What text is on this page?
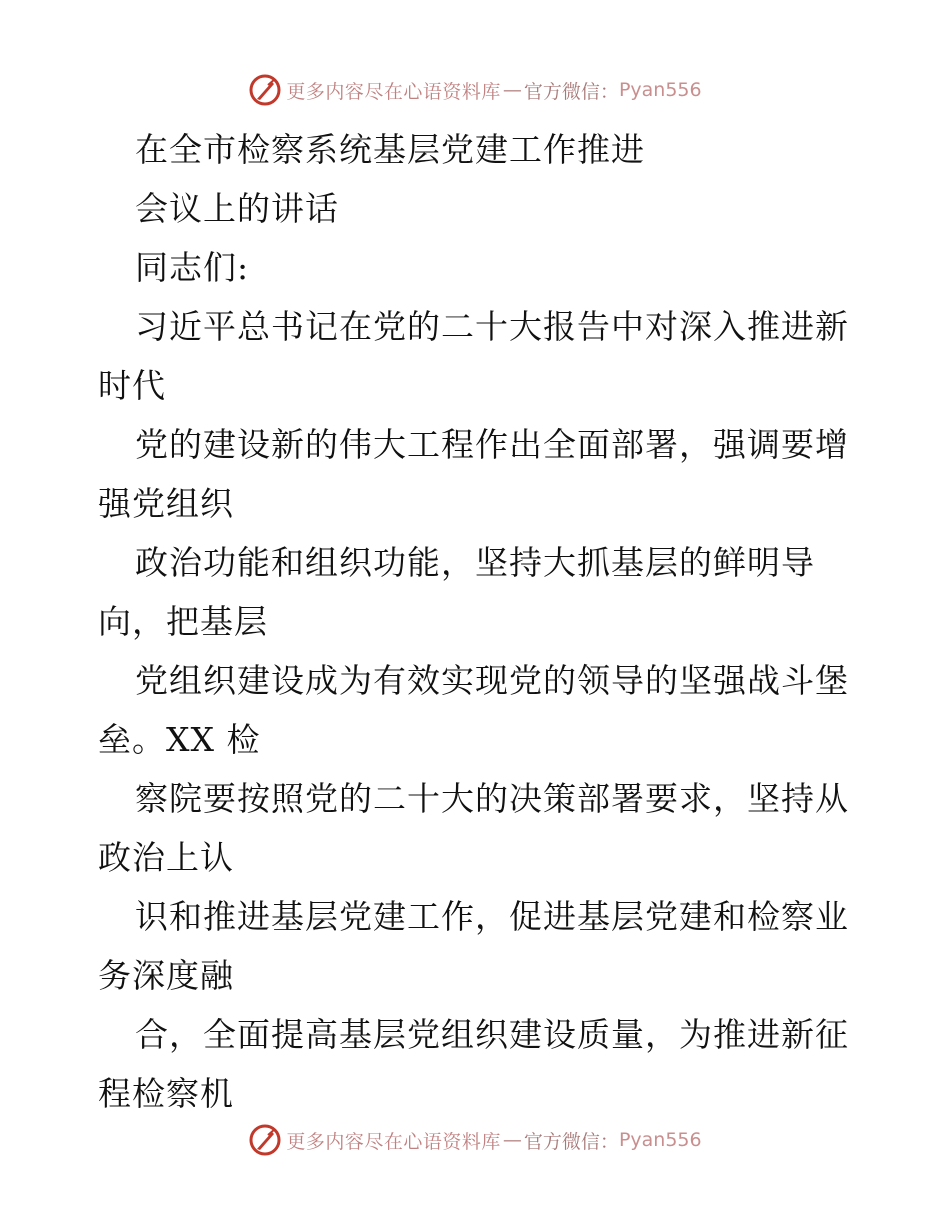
更多内容尽在心语资料库 — 官方微信： Pyan556
在全市检察系统基层党建工作推进
会议上的讲话
同志们:
习近平总书记在党的二十大报告中对深入推进新
时代
党的建设新的伟大工程作出全面部署，强调要增
强党组织
政治功能和组织功能，坚持大抓基层的鲜明导
向，把基层
党组织建设成为有效实现党的领导的坚强战斗堡
垒。XX 检
察院要按照党的二十大的决策部署要求，坚持从
政治上认
识和推进基层党建工作，促进基层党建和检察业
务深度融
合，全面提高基层党组织建设质量，为推进新征
程检察机
更多内容尽在心语资料库 — 官方微信： Pyan556
